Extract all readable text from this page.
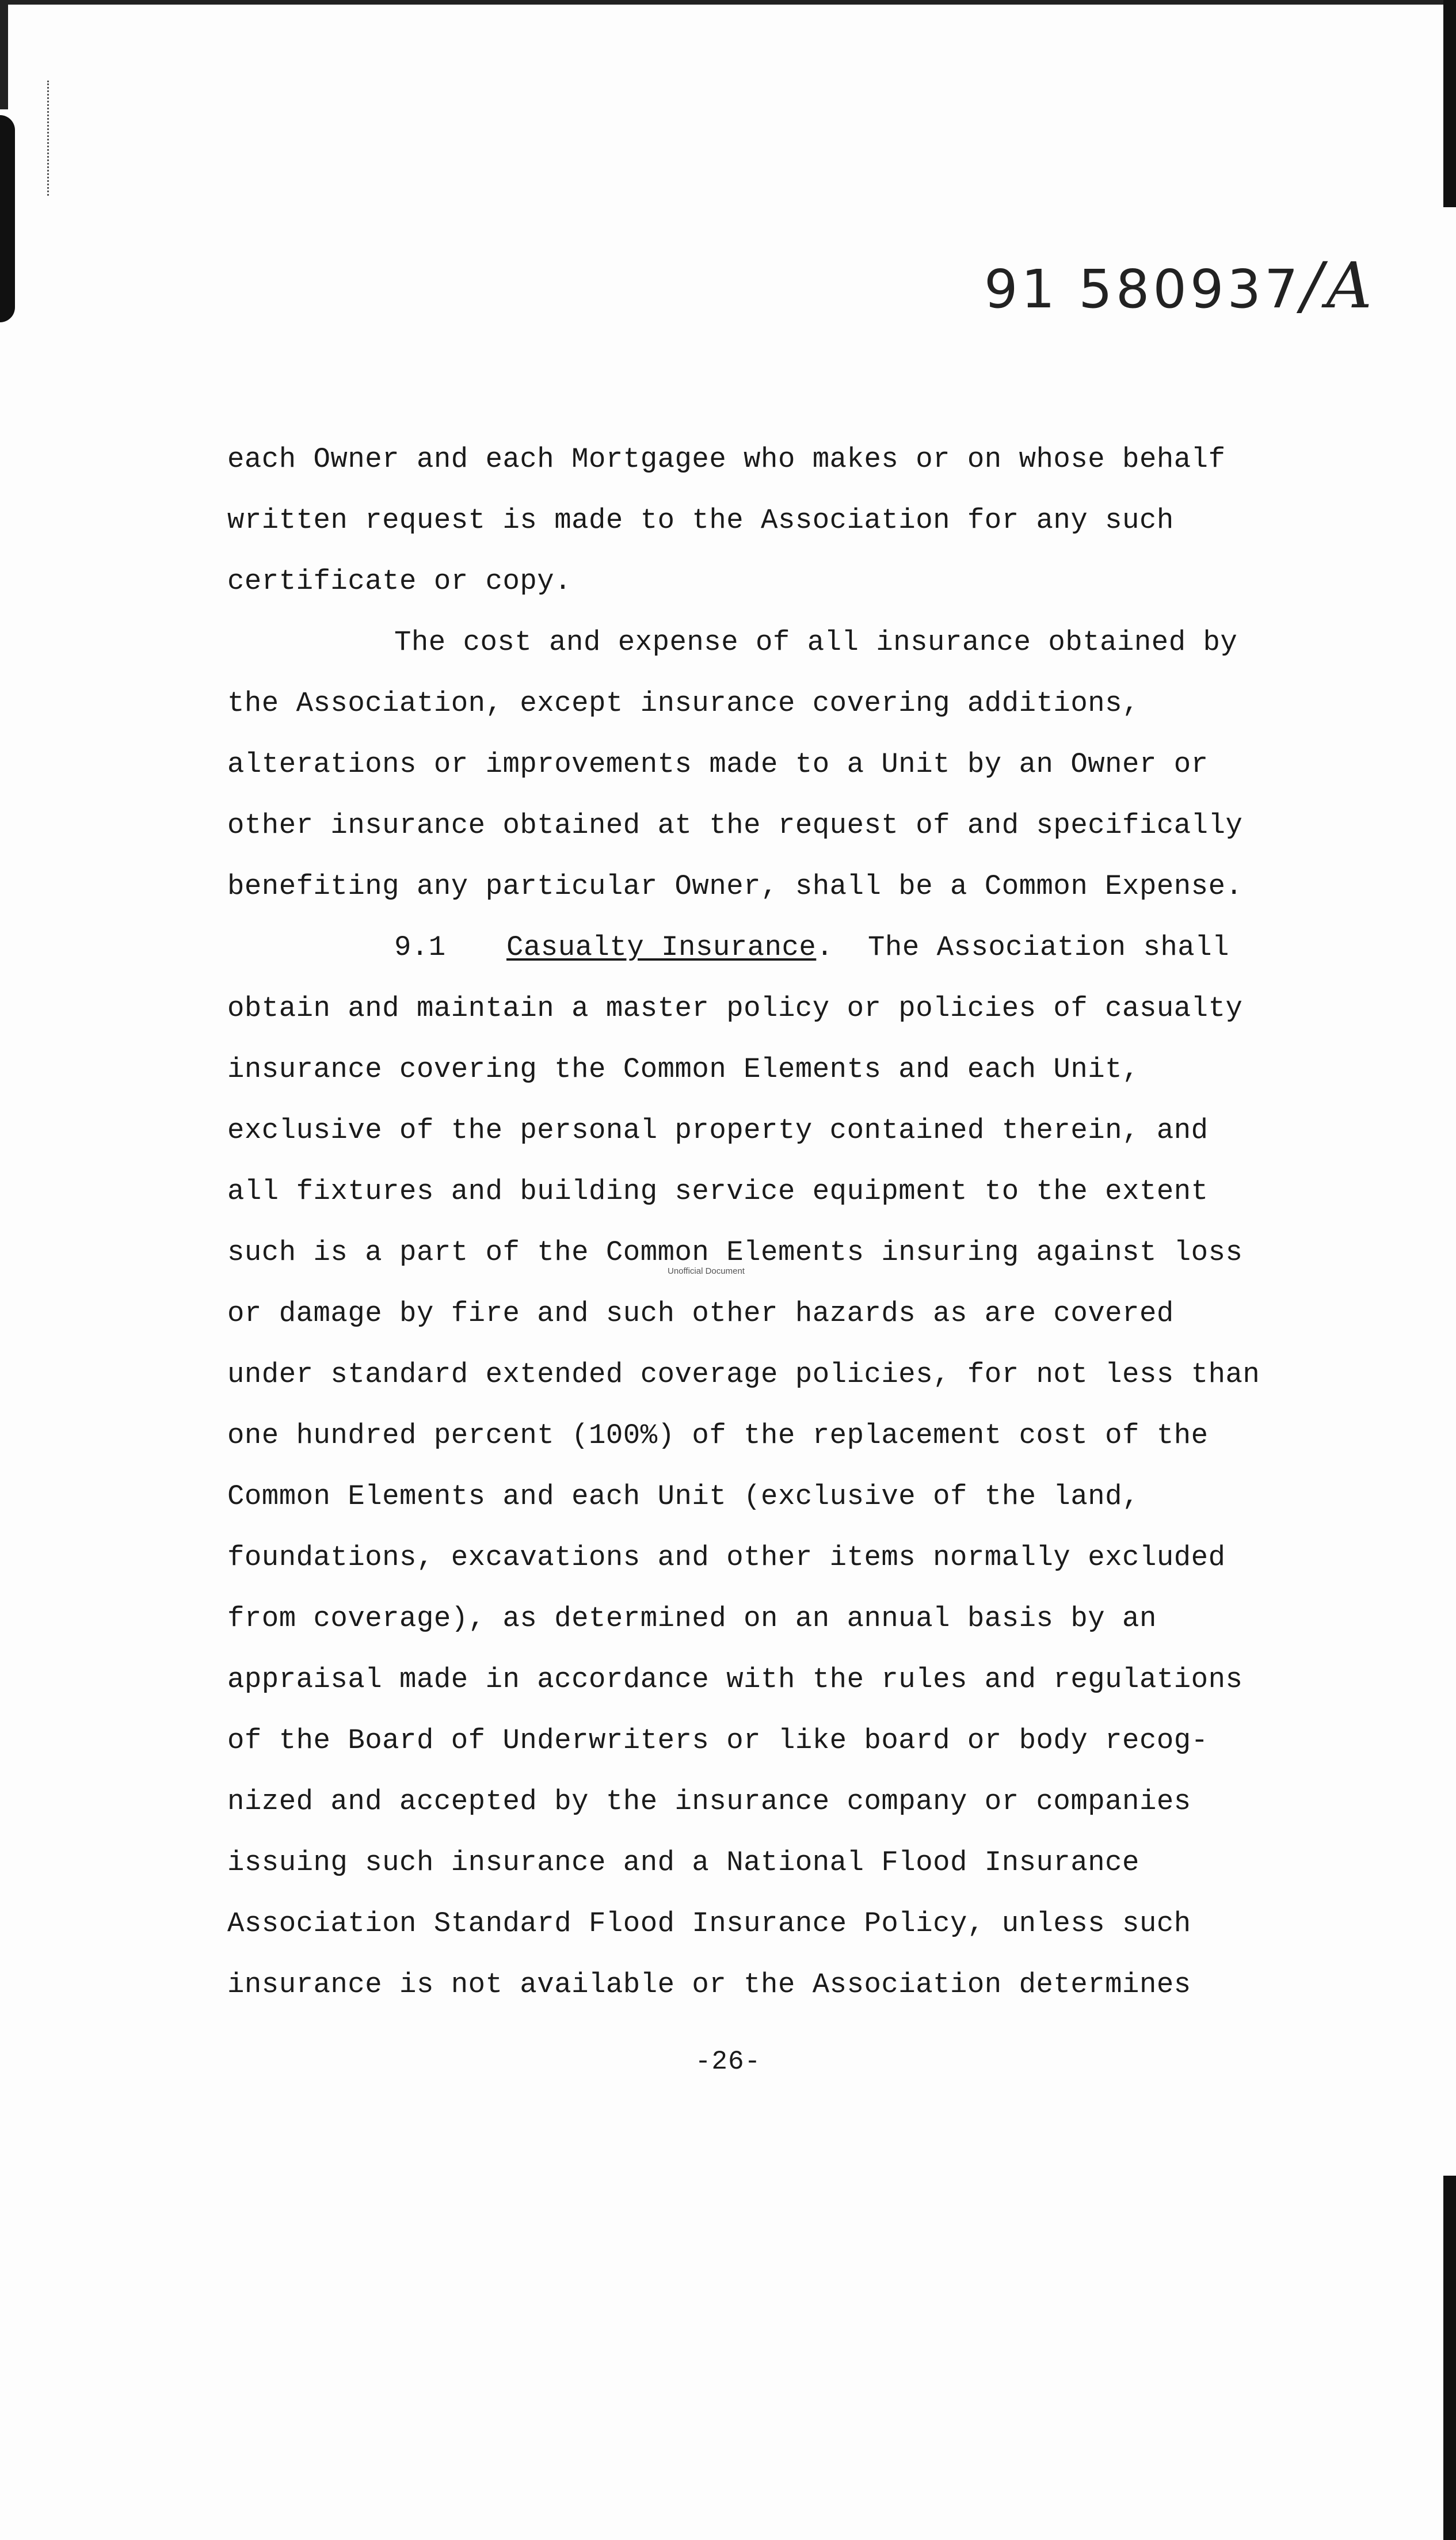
91 580937/A
each Owner and each Mortgagee who makes or on whose behalf
written request is made to the Association for any such
certificate or copy.
The cost and expense of all insurance obtained by
the Association, except insurance covering additions,
alterations or improvements made to a Unit by an Owner or
other insurance obtained at the request of and specifically
benefiting any particular Owner, shall be a Common Expense.
9.1 Casualty Insurance.  The Association shall
obtain and maintain a master policy or policies of casualty
insurance covering the Common Elements and each Unit,
exclusive of the personal property contained therein, and
all fixtures and building service equipment to the extent
such is a part of the Common Elements insuring against loss
or damage by fire and such other hazards as are covered
under standard extended coverage policies, for not less than
one hundred percent (100%) of the replacement cost of the
Common Elements and each Unit (exclusive of the land,
foundations, excavations and other items normally excluded
from coverage), as determined on an annual basis by an
appraisal made in accordance with the rules and regulations
of the Board of Underwriters or like board or body recog-
nized and accepted by the insurance company or companies
issuing such insurance and a National Flood Insurance
Association Standard Flood Insurance Policy, unless such
insurance is not available or the Association determines
Unofficial Document
-26-
